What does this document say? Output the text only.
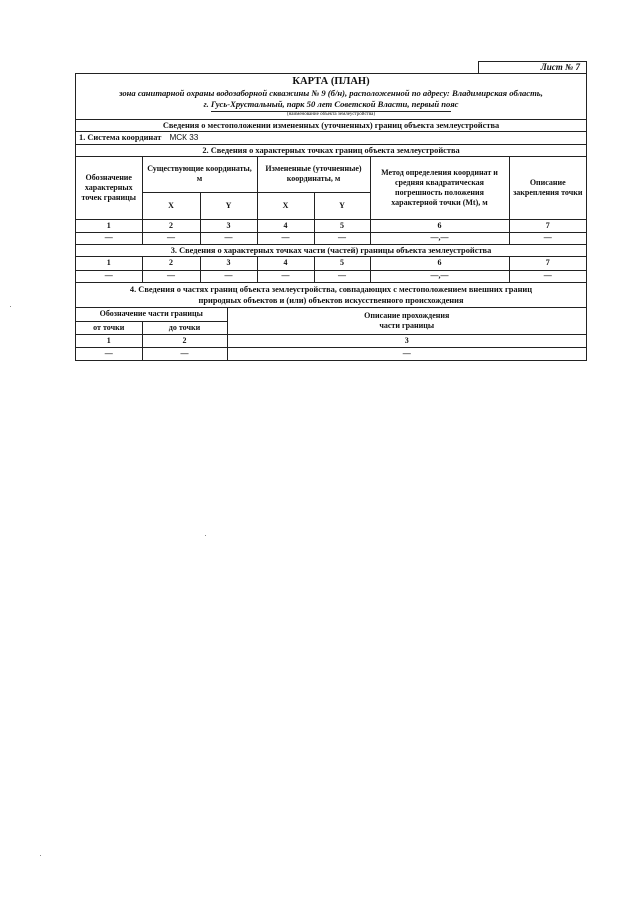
Лист № 7
КАРТА (ПЛАН)
зона санитарной охраны водозаборной скважины № 9 (б/н), расположенной по адресу: Владимирская область,
г. Гусь-Хрустальный, парк 50 лет Советской Власти, первый пояс
(наименование объекта землеустройства)
Сведения о местоположении измененных (уточненных) границ объекта землеустройства
1. Система координат МСК 33
2. Сведения о характерных точках границ объекта землеустройства
Обозначение характерных точек границы	Существующие координаты, м		Измененные (уточненные) координаты, м		Метод определения координат и средняя квадратическая погрешность положения характерной точки (Mt), м	Описание закрепления точки
	X	Y	X	Y		
1	2	3	4	5	6	7
—	—	—	—	—	—,—	—
3. Сведения о характерных точках части (частей) границы объекта землеустройства
1	2	3	4	5	6	7
—	—	—	—	—	—,—	—
4. Сведения о частях границ объекта землеустройства, совпадающих с местоположением внешних границ
природных объектов и (или) объектов искусственного происхождения
Обозначение части границы		Описание прохождения
части границы

от точки	до точки	
1	2	3
—	—	—
